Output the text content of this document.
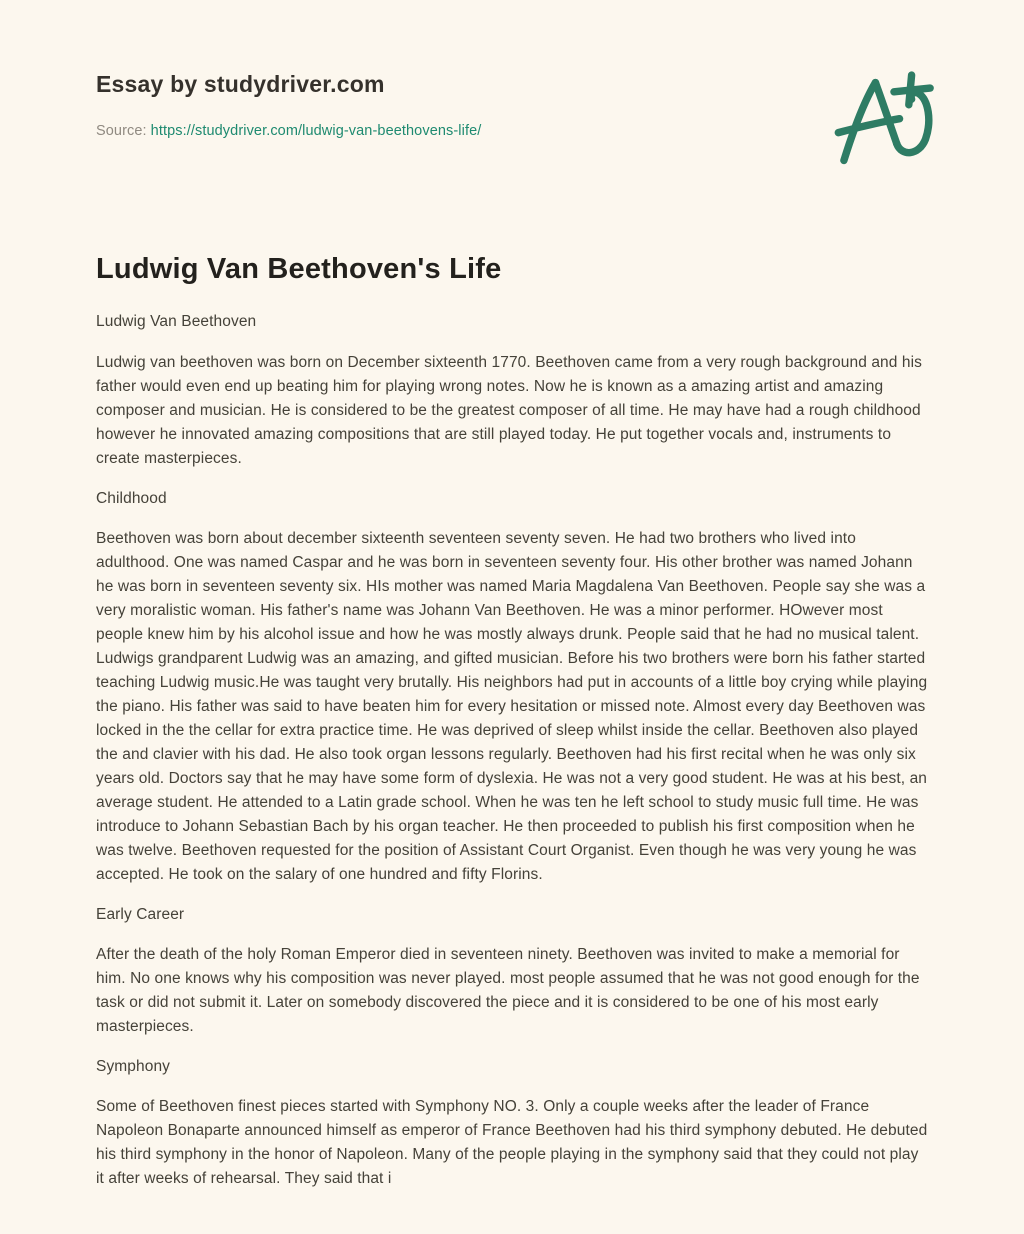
Essay by studydriver.com
Source: https://studydriver.com/ludwig-van-beethovens-life/
Ludwig Van Beethoven's Life

Ludwig Van Beethoven

Ludwig van beethoven was born on December sixteenth 1770. Beethoven came from a very rough background and his father would even end up beating him for playing wrong notes. Now he is known as a amazing artist and amazing composer and musician. He is considered to be the greatest composer of all time. He may have had a rough childhood however he innovated amazing compositions that are still played today. He put together vocals and, instruments to create masterpieces.

Childhood

Beethoven was born about december sixteenth seventeen seventy seven. He had two brothers who lived into adulthood. One was named Caspar and he was born in seventeen seventy four. His other brother was named Johann he was born in seventeen seventy six. HIs mother was named Maria Magdalena Van Beethoven. People say she was a very moralistic woman. His father's name was Johann Van Beethoven. He was a minor performer. HOwever most people knew him by his alcohol issue and how he was mostly always drunk. People said that he had no musical talent. Ludwigs grandparent Ludwig was an amazing, and gifted musician. Before his two brothers were born his father started teaching Ludwig music.He was taught very brutally. His neighbors had put in accounts of a little boy crying while playing the piano. His father was said to have beaten him for every hesitation or missed note. Almost every day Beethoven was locked in the the cellar for extra practice time. He was deprived of sleep whilst inside the cellar. Beethoven also played the and clavier with his dad. He also took organ lessons regularly. Beethoven had his first recital when he was only six years old. Doctors say that he may have some form of dyslexia. He was not a very good student. He was at his best, an average student. He attended to a Latin grade school. When he was ten he left school to study music full time. He was introduce to Johann Sebastian Bach by his organ teacher. He then proceeded to publish his first composition when he was twelve. Beethoven requested for the position of Assistant Court Organist. Even though he was very young he was accepted. He took on the salary of one hundred and fifty Florins.

Early Career

After the death of the holy Roman Emperor died in seventeen ninety. Beethoven was invited to make a memorial for him. No one knows why his composition was never played. most people assumed that he was not good enough for the task or did not submit it. Later on somebody discovered the piece and it is considered to be one of his most early masterpieces.

Symphony

Some of Beethoven finest pieces started with Symphony NO. 3. Only a couple weeks after the leader of France Napoleon Bonaparte announced himself as emperor of France Beethoven had his third symphony debuted. He debuted his third symphony in the honor of Napoleon. Many of the people playing in the symphony said that they could not play it after weeks of rehearsal. They said that i
